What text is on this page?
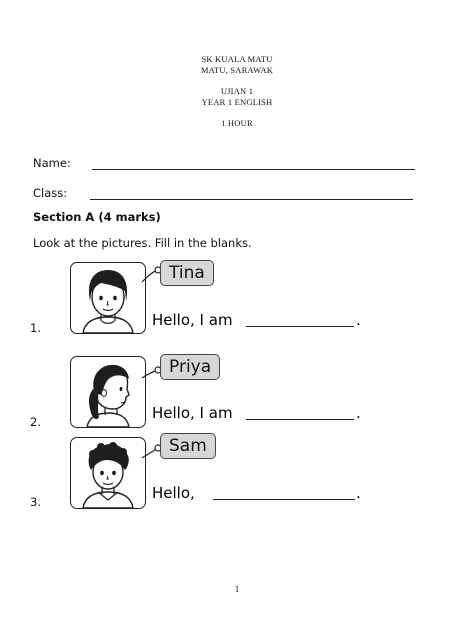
SK KUALA MATU
MATU, SARAWAK
UJIAN 1
YEAR 1 ENGLISH
1 HOUR
Name:
Class:
Section A (4 marks)
Look at the pictures. Fill in the blanks.
Tina
1.	Hello, I am	.
Priya
2.	Hello, I am	.
Sam
3.	Hello,	.
1
